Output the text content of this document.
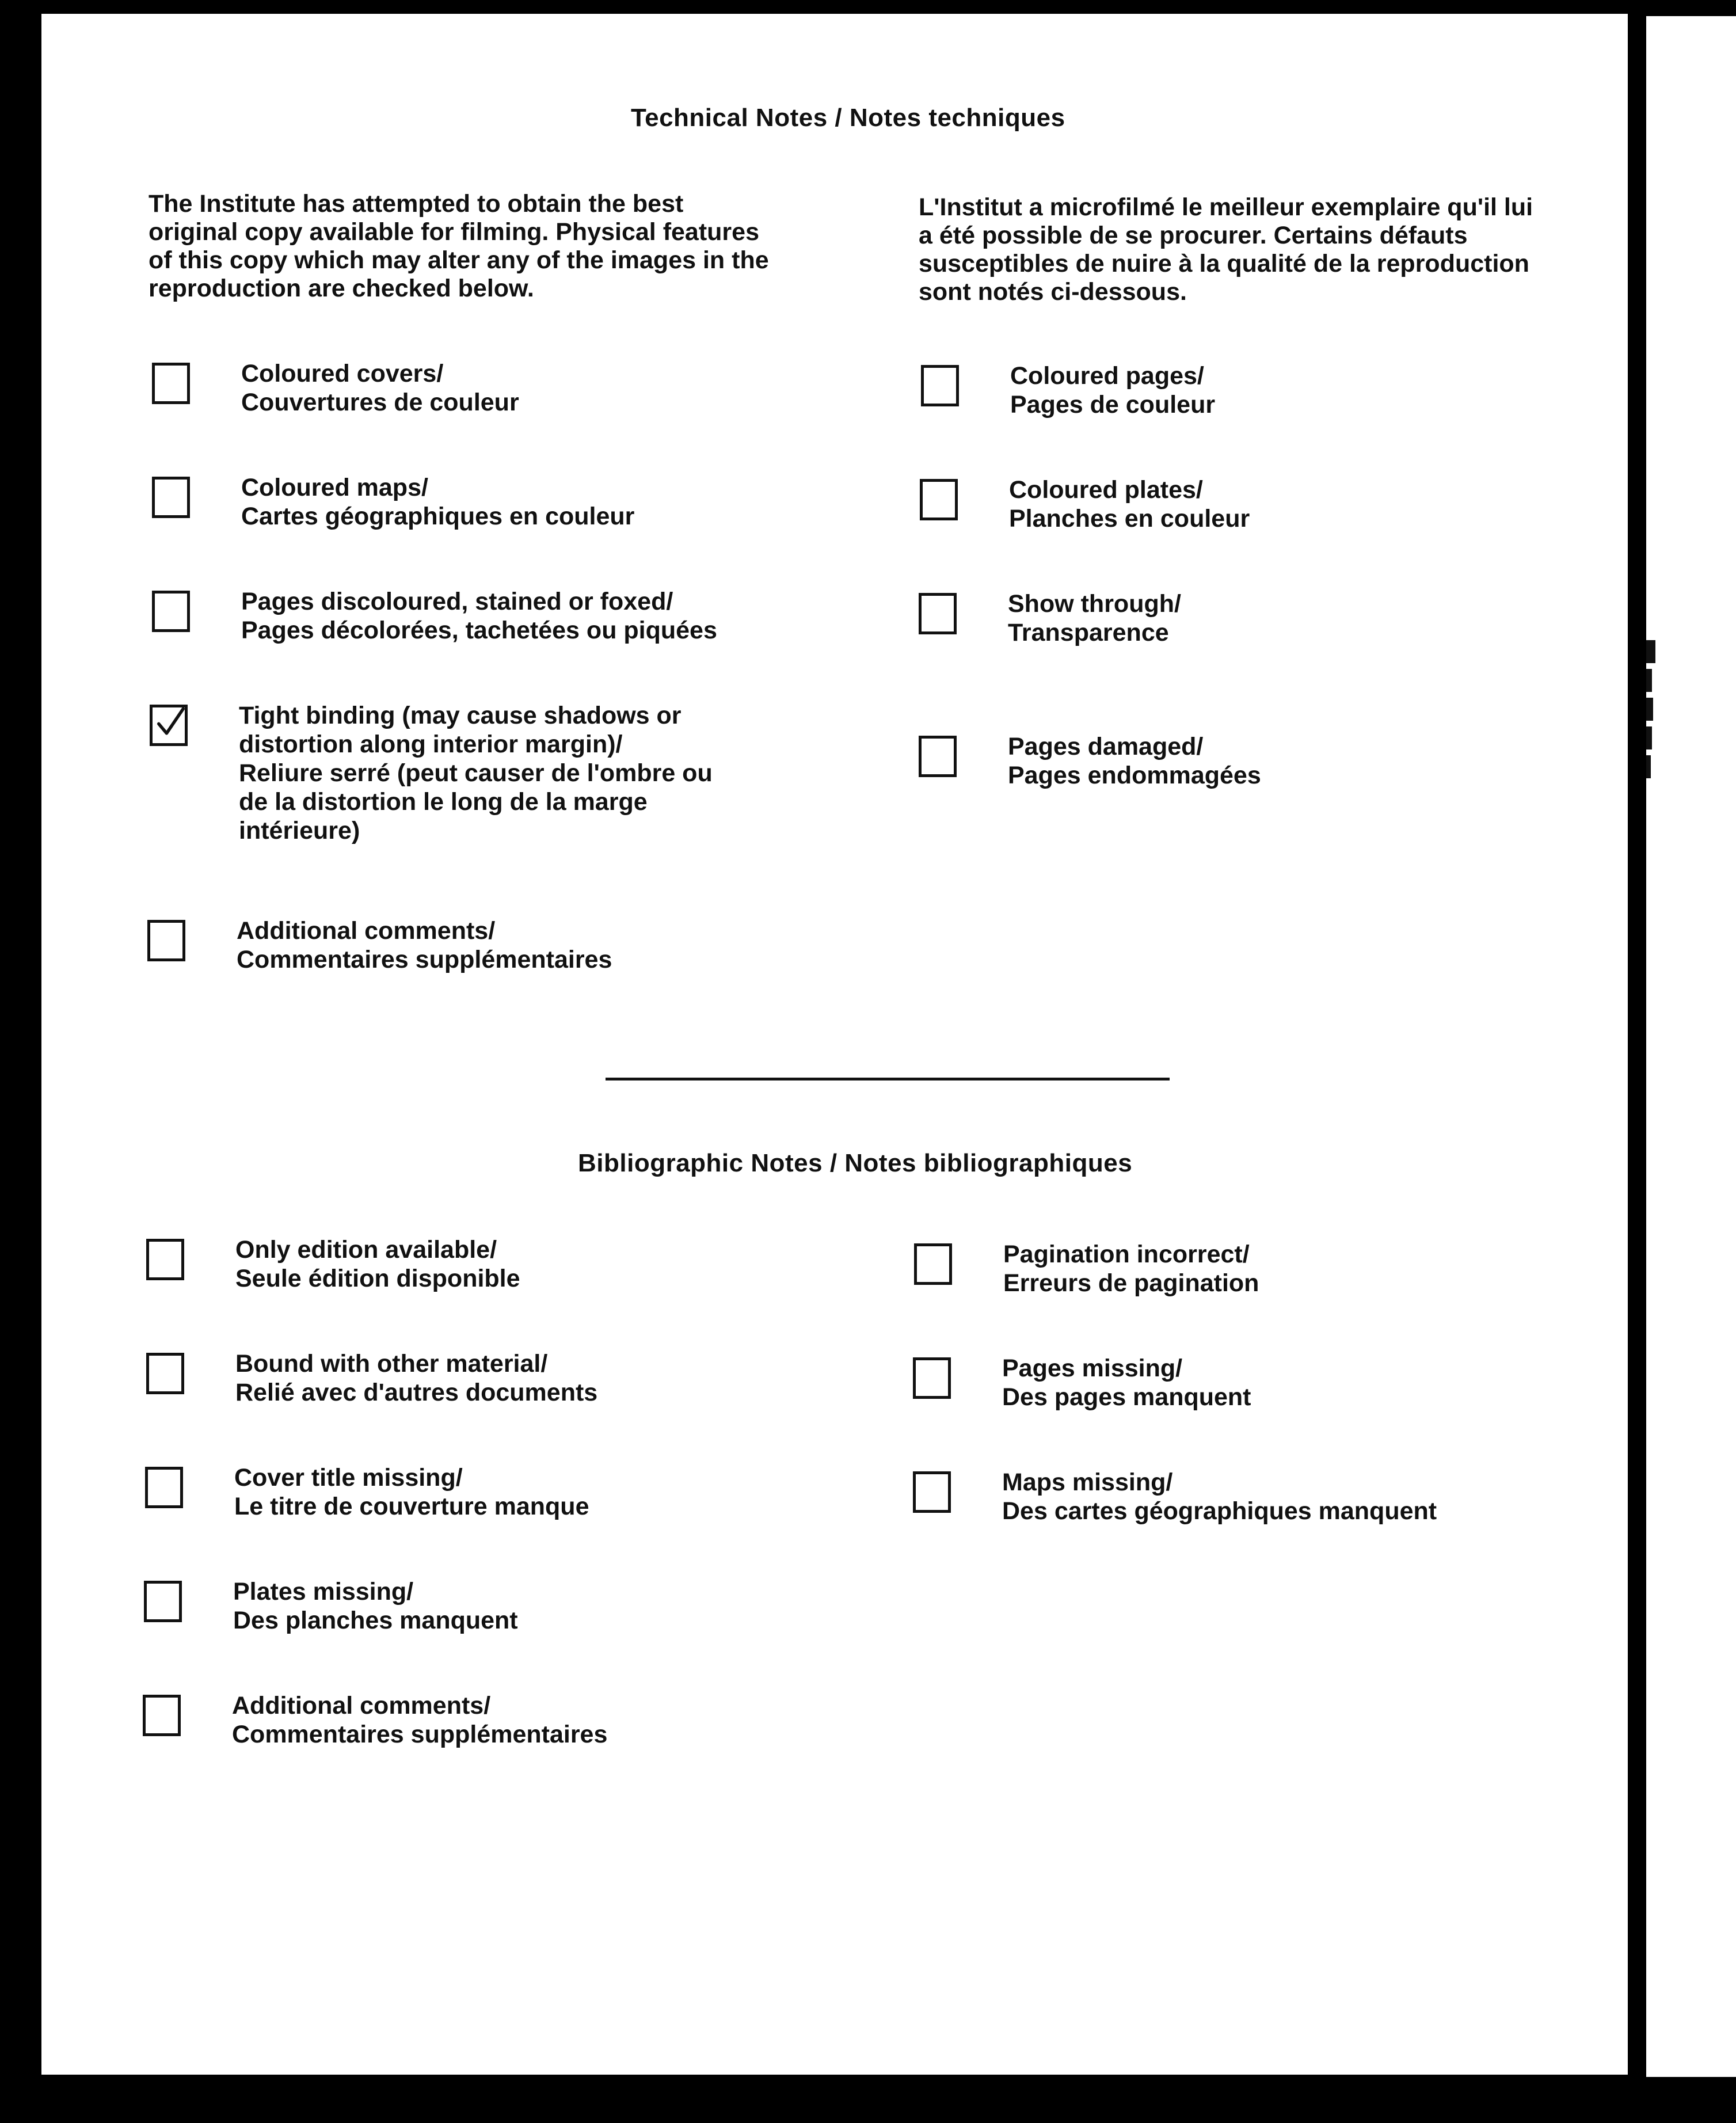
Technical Notes / Notes techniques
The Institute has attempted to obtain the best original copy available for filming. Physical features of this copy which may alter any of the images in the reproduction are checked below.
L'Institut a microfilmé le meilleur exemplaire qu'il lui a été possible de se procurer. Certains défauts susceptibles de nuire à la qualité de la reproduction sont notés ci-dessous.
Coloured covers/
Couvertures de couleur
Coloured maps/
Cartes géographiques en couleur
Pages discoloured, stained or foxed/
Pages décolorées, tachetées ou piquées
Tight binding (may cause shadows or
distortion along interior margin)/
Reliure serré (peut causer de l'ombre ou
de la distortion le long de la marge
intérieure)
Additional comments/
Commentaires supplémentaires
Coloured pages/
Pages de couleur
Coloured plates/
Planches en couleur
Show through/
Transparence
Pages damaged/
Pages endommagées
Bibliographic Notes / Notes bibliographiques
Only edition available/
Seule édition disponible
Bound with other material/
Relié avec d'autres documents
Cover title missing/
Le titre de couverture manque
Plates missing/
Des planches manquent
Additional comments/
Commentaires supplémentaires
Pagination incorrect/
Erreurs de pagination
Pages missing/
Des pages manquent
Maps missing/
Des cartes géographiques manquent
